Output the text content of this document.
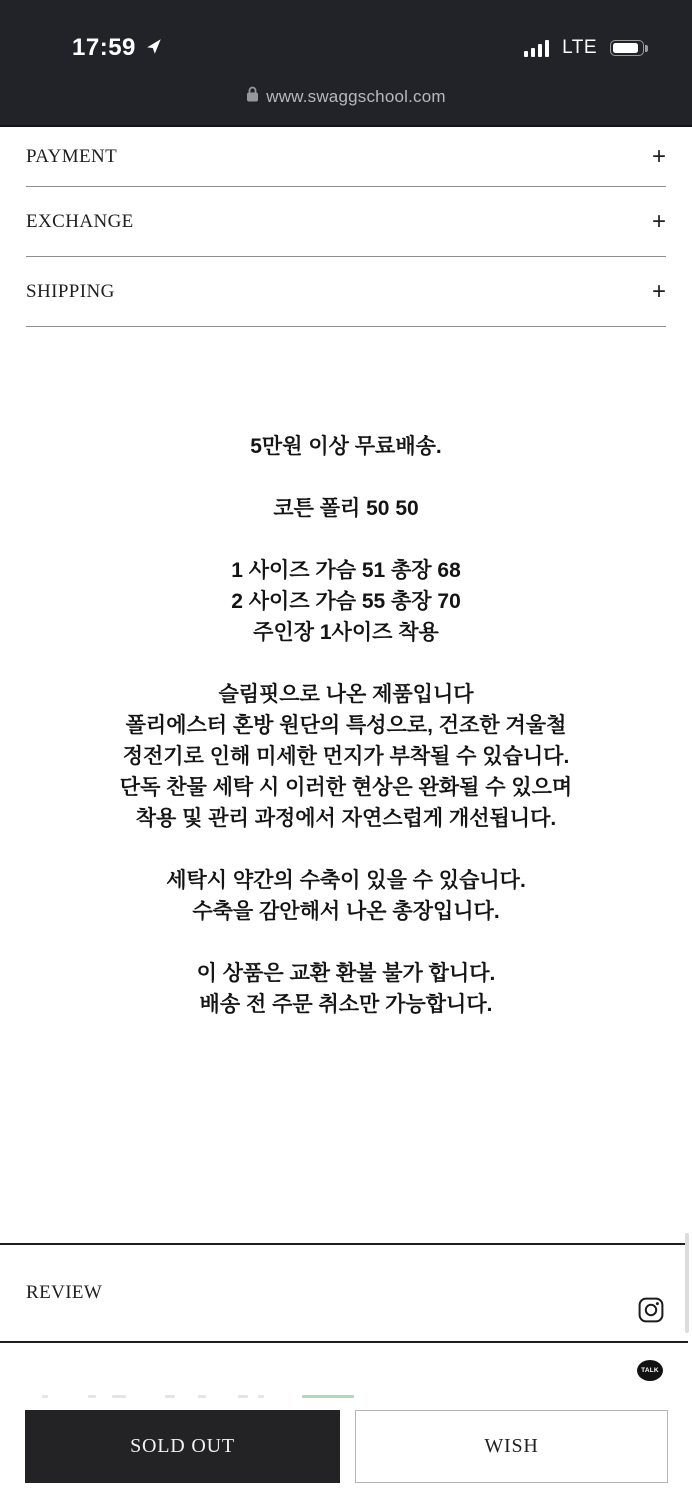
17:59	LTE
www.swaggschool.com
PAYMENT	+
EXCHANGE	+
SHIPPING	+
5만원 이상 무료배송.
코튼 폴리 50 50
1 사이즈 가슴 51 총장 68
2 사이즈 가슴 55 총장 70
주인장 1사이즈 착용
슬림핏으로 나온 제품입니다
폴리에스터 혼방 원단의 특성으로, 건조한 겨울철
정전기로 인해 미세한 먼지가 부착될 수 있습니다.
단독 찬물 세탁 시 이러한 현상은 완화될 수 있으며
착용 및 관리 과정에서 자연스럽게 개선됩니다.
세탁시 약간의 수축이 있을 수 있습니다.
수축을 감안해서 나온 총장입니다.
이 상품은 교환 환불 불가 합니다.
배송 전 주문 취소만 가능합니다.
REVIEW
TALK
SOLD OUT	WISH
